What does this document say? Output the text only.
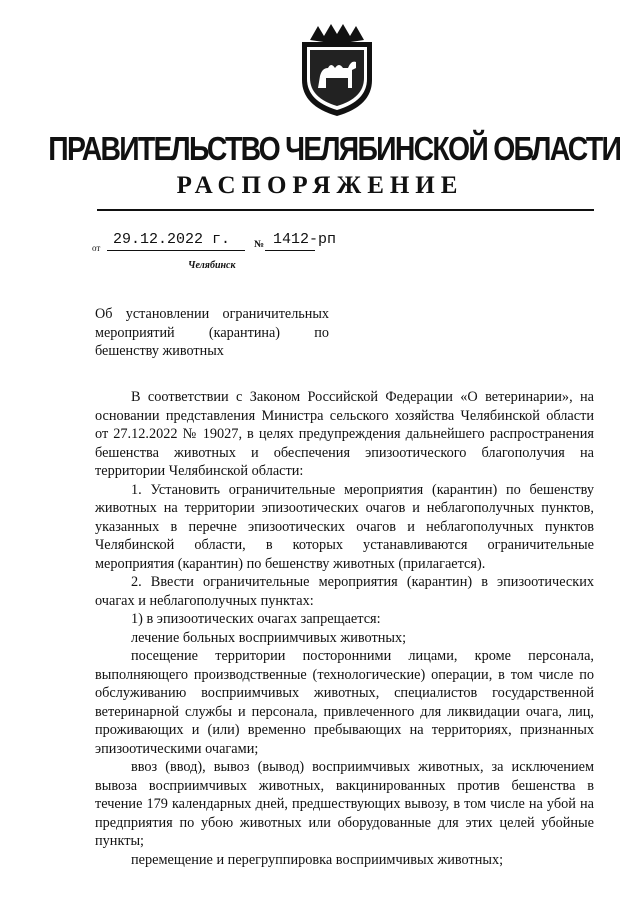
ПРАВИТЕЛЬСТВО ЧЕЛЯБИНСКОЙ ОБЛАСТИ
РАСПОРЯЖЕНИЕ
от 29.12.2022 г. № 1412-рп
Челябинск

Об установлении ограничительных мероприятий (карантина) по бешенству животных

В соответствии с Законом Российской Федерации «О ветеринарии», на основании представления Министра сельского хозяйства Челябинской области от 27.12.2022 № 19027, в целях предупреждения дальнейшего распространения бешенства животных и обеспечения эпизоотического благополучия на территории Челябинской области:

1. Установить ограничительные мероприятия (карантин) по бешенству животных на территории эпизоотических очагов и неблагополучных пунктов, указанных в перечне эпизоотических очагов и неблагополучных пунктов Челябинской области, в которых устанавливаются ограничительные мероприятия (карантин) по бешенству животных (прилагается).

2. Ввести ограничительные мероприятия (карантин) в эпизоотических очагах и неблагополучных пунктах:

1) в эпизоотических очагах запрещается:

лечение больных восприимчивых животных;

посещение территории посторонними лицами, кроме персонала, выполняющего производственные (технологические) операции, в том числе по обслуживанию восприимчивых животных, специалистов государственной ветеринарной службы и персонала, привлеченного для ликвидации очага, лиц, проживающих и (или) временно пребывающих на территориях, признанных эпизоотическими очагами;

ввоз (ввод), вывоз (вывод) восприимчивых животных, за исключением вывоза восприимчивых животных, вакцинированных против бешенства в течение 179 календарных дней, предшествующих вывозу, в том числе на убой на предприятия по убою животных или оборудованные для этих целей убойные пункты;

перемещение и перегруппировка восприимчивых животных;
